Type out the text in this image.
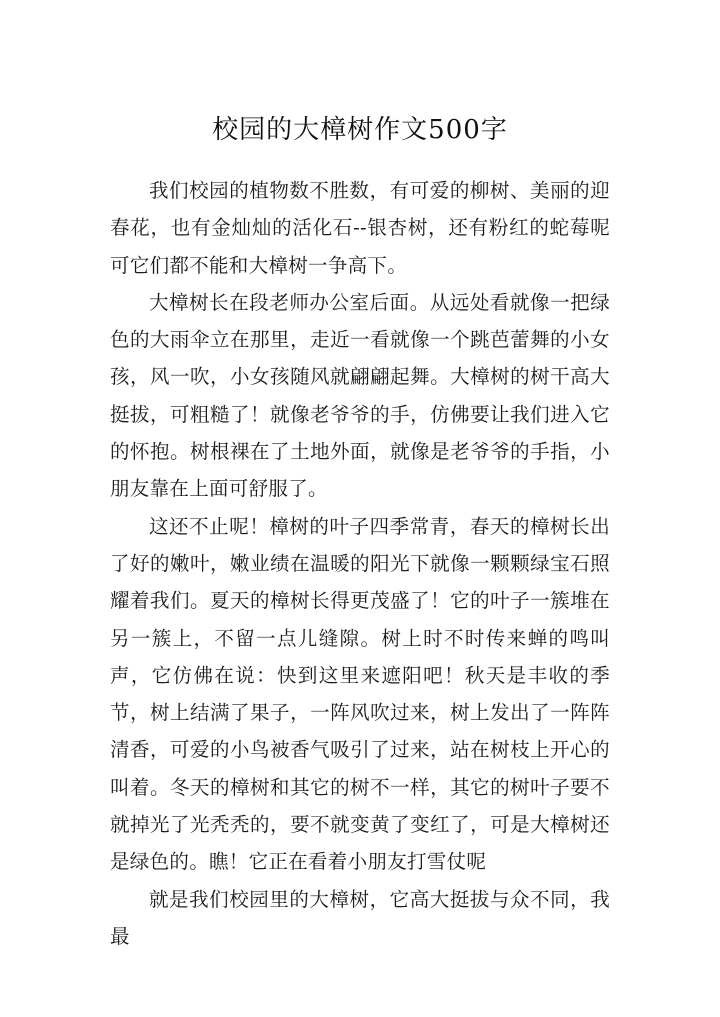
校园的大樟树作文500字

我们校园的植物数不胜数，有可爱的柳树、美丽的迎春花，也有金灿灿的活化石--银杏树，还有粉红的蛇莓呢可它们都不能和大樟树一争高下。

大樟树长在段老师办公室后面。从远处看就像一把绿色的大雨伞立在那里，走近一看就像一个跳芭蕾舞的小女孩，风一吹，小女孩随风就翩翩起舞。大樟树的树干高大挺拔，可粗糙了！就像老爷爷的手，仿佛要让我们进入它的怀抱。树根裸在了土地外面，就像是老爷爷的手指，小朋友靠在上面可舒服了。

这还不止呢！樟树的叶子四季常青，春天的樟树长出了好的嫩叶，嫩业绩在温暖的阳光下就像一颗颗绿宝石照耀着我们。夏天的樟树长得更茂盛了！它的叶子一簇堆在另一簇上，不留一点儿缝隙。树上时不时传来蝉的鸣叫声，它仿佛在说：快到这里来遮阳吧！秋天是丰收的季节，树上结满了果子，一阵风吹过来，树上发出了一阵阵清香，可爱的小鸟被香气吸引了过来，站在树枝上开心的叫着。冬天的樟树和其它的树不一样，其它的树叶子要不就掉光了光秃秃的，要不就变黄了变红了，可是大樟树还是绿色的。瞧！它正在看着小朋友打雪仗呢

就是我们校园里的大樟树，它高大挺拔与众不同，我最
